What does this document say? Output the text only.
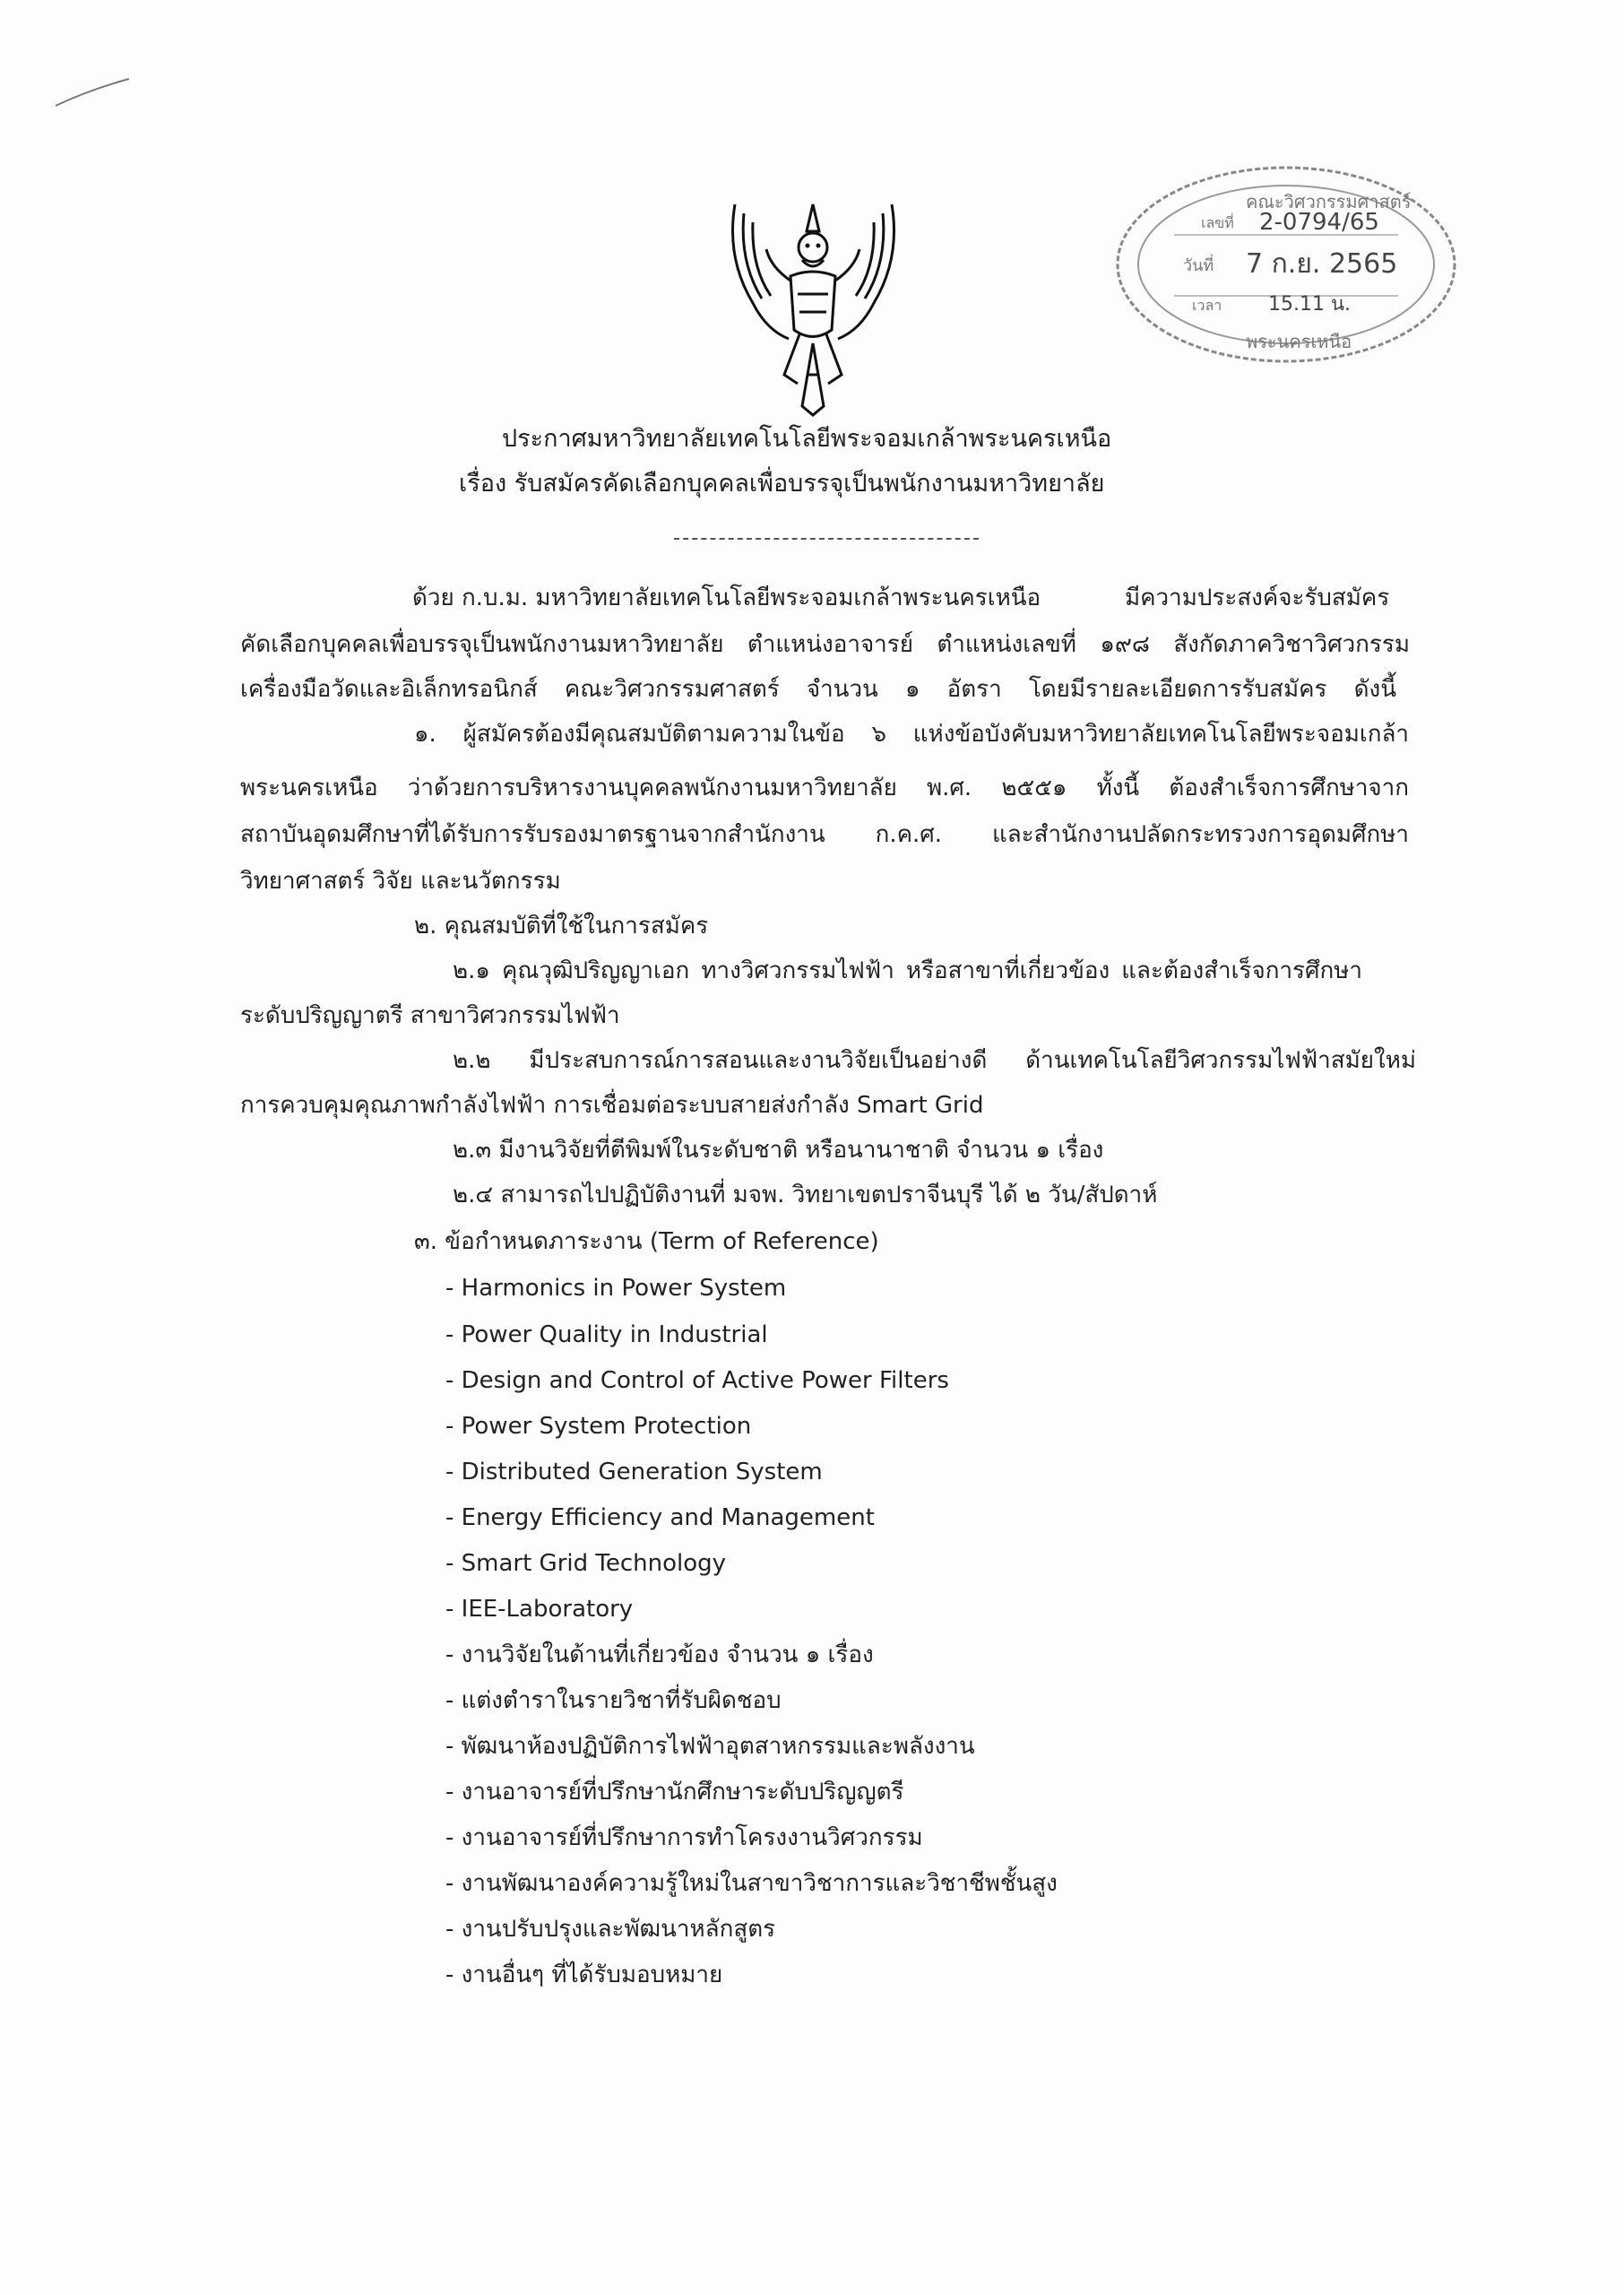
คณะวิศวกรรมศาสตร์
เลขที่ 2-0794/65
วันที่ 7 ก.ย. 2565
เวลา 15.11 น.
พระนครเหนือ
ประกาศมหาวิทยาลัยเทคโนโลยีพระจอมเกล้าพระนครเหนือ
เรื่อง รับสมัครคัดเลือกบุคคลเพื่อบรรจุเป็นพนักงานมหาวิทยาลัย
ด้วย ก.บ.ม. มหาวิทยาลัยเทคโนโลยีพระจอมเกล้าพระนครเหนือ	มีความประสงค์จะรับสมัคร
คัดเลือกบุคคลเพื่อบรรจุเป็นพนักงานมหาวิทยาลัย ตำแหน่งอาจารย์ ตำแหน่งเลขที่ ๑๙๘ สังกัดภาควิชาวิศวกรรม
เครื่องมือวัดและอิเล็กทรอนิกส์ คณะวิศวกรรมศาสตร์ จำนวน ๑ อัตรา โดยมีรายละเอียดการรับสมัคร ดังนี้
๑. ผู้สมัครต้องมีคุณสมบัติตามความในข้อ ๖ แห่งข้อบังคับมหาวิทยาลัยเทคโนโลยีพระจอมเกล้า
พระนครเหนือ ว่าด้วยการบริหารงานบุคคลพนักงานมหาวิทยาลัย พ.ศ. ๒๕๕๑ ทั้งนี้ ต้องสำเร็จการศึกษาจาก
สถาบันอุดมศึกษาที่ได้รับการรับรองมาตรฐานจากสำนักงาน ก.ค.ศ. และสำนักงานปลัดกระทรวงการอุดมศึกษา
วิทยาศาสตร์ วิจัย และนวัตกรรม
๒. คุณสมบัติที่ใช้ในการสมัคร
๒.๑ คุณวุฒิปริญญาเอก ทางวิศวกรรมไฟฟ้า หรือสาขาที่เกี่ยวข้อง และต้องสำเร็จการศึกษา
ระดับปริญญาตรี สาขาวิศวกรรมไฟฟ้า
๒.๒ มีประสบการณ์การสอนและงานวิจัยเป็นอย่างดี ด้านเทคโนโลยีวิศวกรรมไฟฟ้าสมัยใหม่
การควบคุมคุณภาพกำลังไฟฟ้า การเชื่อมต่อระบบสายส่งกำลัง Smart Grid
๒.๓ มีงานวิจัยที่ตีพิมพ์ในระดับชาติ หรือนานาชาติ จำนวน ๑ เรื่อง
๒.๔ สามารถไปปฏิบัติงานที่ มจพ. วิทยาเขตปราจีนบุรี ได้ ๒ วัน/สัปดาห์
๓. ข้อกำหนดภาระงาน (Term of Reference)
- Harmonics in Power System
- Power Quality in Industrial
- Design and Control of Active Power Filters
- Power System Protection
- Distributed Generation System
- Energy Efficiency and Management
- Smart Grid Technology
- IEE-Laboratory
- งานวิจัยในด้านที่เกี่ยวข้อง จำนวน ๑ เรื่อง
- แต่งตำราในรายวิชาที่รับผิดชอบ
- พัฒนาห้องปฏิบัติการไฟฟ้าอุตสาหกรรมและพลังงาน
- งานอาจารย์ที่ปรึกษานักศึกษาระดับปริญญตรี
- งานอาจารย์ที่ปรึกษาการทำโครงงานวิศวกรรม
- งานพัฒนาองค์ความรู้ใหม่ในสาขาวิชาการและวิชาชีพชั้นสูง
- งานปรับปรุงและพัฒนาหลักสูตร
- งานอื่นๆ ที่ได้รับมอบหมาย
